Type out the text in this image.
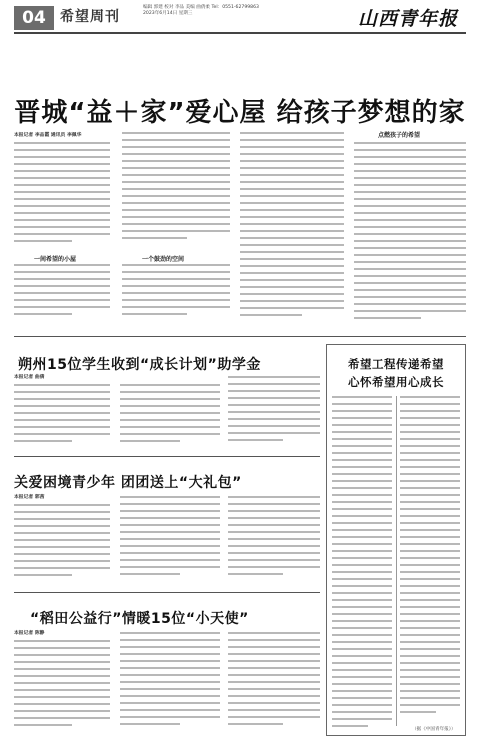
04	希望周刊
编辑 郭建 校对 李品 美编 曲倩柔 Tel：0551-62799863 2023年6月14日 星期三	山西青年报
晋城“益＋家”爱心屋 给孩子梦想的家
本报记者 李品霞 通讯员 李佩华
一间希望的小屋	一个鼓劲的空间
点燃孩子的希望
朔州15位学生收到“成长计划”助学金
本报记者 曲倩
关爱困境青少年 团团送上“大礼包”
本报记者 郭茜
“稻田公益行”情暖15位“小天使”
本报记者 陈静
希望工程传递希望
心怀希望用心成长
（据《中国青年报》）
